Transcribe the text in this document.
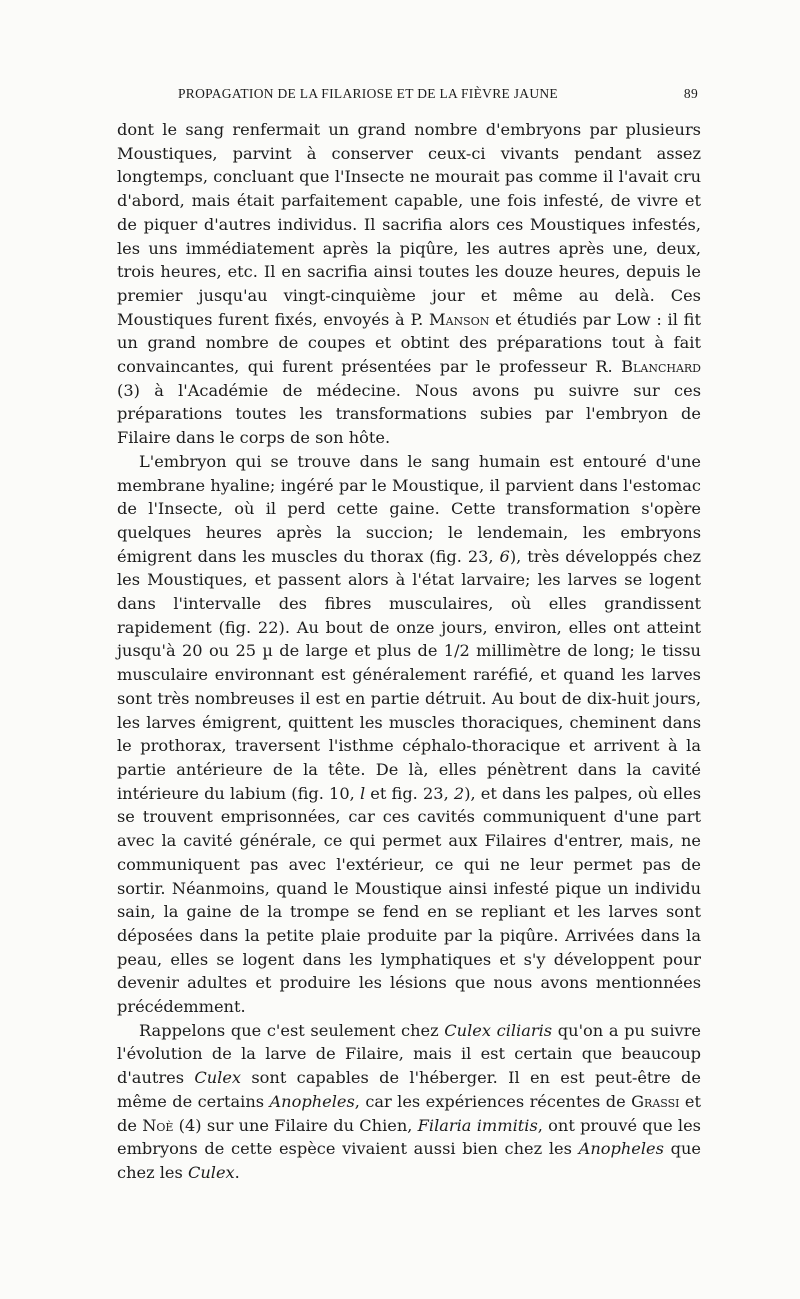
PROPAGATION DE LA FILARIOSE ET DE LA FIÈVRE JAUNE	89

dont le sang renfermait un grand nombre d'embryons par plusieurs Moustiques, parvint à conserver ceux-ci vivants pendant assez longtemps, concluant que l'Insecte ne mourait pas comme il l'avait cru d'abord, mais était parfaitement capable, une fois infesté, de vivre et de piquer d'autres individus. Il sacrifia alors ces Moustiques infestés, les uns immédiatement après la piqûre, les autres après une, deux, trois heures, etc. Il en sacrifia ainsi toutes les douze heures, depuis le premier jusqu'au vingt-cinquième jour et même au delà. Ces Moustiques furent fixés, envoyés à P. Manson et étudiés par Low : il fit un grand nombre de coupes et obtint des préparations tout à fait convaincantes, qui furent présentées par le professeur R. Blanchard (3) à l'Académie de médecine. Nous avons pu suivre sur ces préparations toutes les transformations subies par l'embryon de Filaire dans le corps de son hôte.

L'embryon qui se trouve dans le sang humain est entouré d'une membrane hyaline; ingéré par le Moustique, il parvient dans l'estomac de l'Insecte, où il perd cette gaine. Cette transformation s'opère quelques heures après la succion; le lendemain, les embryons émigrent dans les muscles du thorax (fig. 23, 6), très développés chez les Moustiques, et passent alors à l'état larvaire; les larves se logent dans l'intervalle des fibres musculaires, où elles grandissent rapidement (fig. 22). Au bout de onze jours, environ, elles ont atteint jusqu'à 20 ou 25 µ de large et plus de 1/2 millimètre de long; le tissu musculaire environnant est généralement raréfié, et quand les larves sont très nombreuses il est en partie détruit. Au bout de dix-huit jours, les larves émigrent, quittent les muscles thoraciques, cheminent dans le prothorax, traversent l'isthme céphalo-thoracique et arrivent à la partie antérieure de la tête. De là, elles pénètrent dans la cavité intérieure du labium (fig. 10, l et fig. 23, 2), et dans les palpes, où elles se trouvent emprisonnées, car ces cavités communiquent d'une part avec la cavité générale, ce qui permet aux Filaires d'entrer, mais, ne communiquent pas avec l'extérieur, ce qui ne leur permet pas de sortir. Néanmoins, quand le Moustique ainsi infesté pique un individu sain, la gaine de la trompe se fend en se repliant et les larves sont déposées dans la petite plaie produite par la piqûre. Arrivées dans la peau, elles se logent dans les lymphatiques et s'y développent pour devenir adultes et produire les lésions que nous avons mentionnées précédemment.

Rappelons que c'est seulement chez Culex ciliaris qu'on a pu suivre l'évolution de la larve de Filaire, mais il est certain que beaucoup d'autres Culex sont capables de l'héberger. Il en est peut-être de même de certains Anopheles, car les expériences récentes de Grassi et de Noè (4) sur une Filaire du Chien, Filaria immitis, ont prouvé que les embryons de cette espèce vivaient aussi bien chez les Anopheles que chez les Culex.
